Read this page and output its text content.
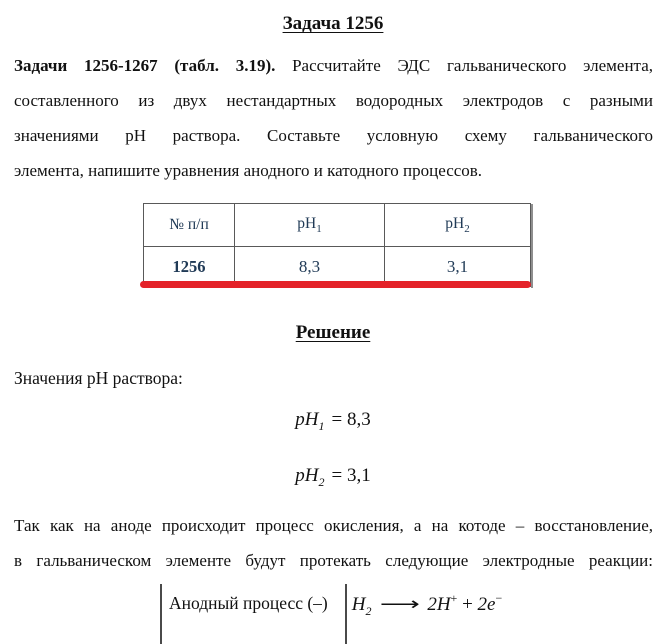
Задача 1256

Задачи 1256-1267 (табл. 3.19). Рассчитайте ЭДС гальванического элемента,

составленного из двух нестандартных водородных электродов с разными

значениями pH раствора. Составьте условную схему гальванического

элемента, напишите уравнения анодного и катодного процессов.

№ п/п	$pH_1$	$pH_2$
1256	8,3	3,1
Решение

Значения pH раствора:

$pH_1 = 8,3$
$pH_2 = 3,1$

Так как на аноде происходит процесс окисления, а на котоде – восстановление,

в гальваническом элементе будут протекать следующие электродные реакции:

Анодный процесс (–)	$H_2$ ⟶ 2H+ + 2e−
